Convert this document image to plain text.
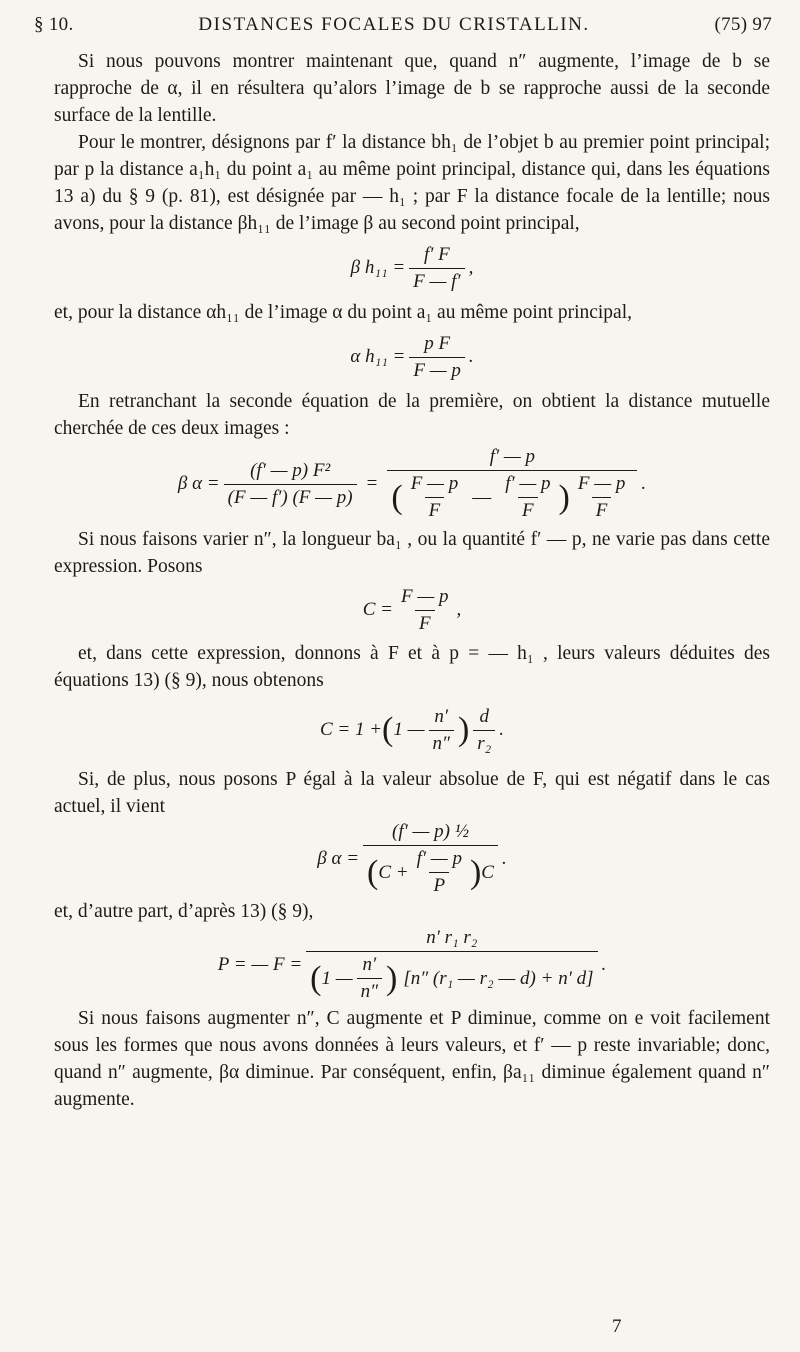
§ 10.	DISTANCES FOCALES DU CRISTALLIN.	(75) 97

Si nous pouvons montrer maintenant que, quand n″ augmente, l’image de b se rapproche de α, il en résultera qu’alors l’image de b se rapproche aussi de la seconde surface de la lentille.

Pour le montrer, désignons par f′ la distance bh₁ de l’objet b au premier point principal; par p la distance a₁h₁ du point a₁ au même point principal, distance qui, dans les équations 13 a) du § 9 (p. 81), est désignée par — h₁ ; par F la distance focale de la lentille; nous avons, pour la distance βh₁₁ de l’image β au second point principal,

β $h_{11} = \frac{f' F}{F — f'}$ ,

et, pour la distance αh₁₁ de l’image α du point a₁ au même point principal,

α $h_{11} = \frac{\text{p F}}{F — p}$ .

En retranchant la seconde équation de la première, on obtient la distance mutuelle cherchée de ces deux images :

β $\alpha = \frac{\text{(f′ — p) F²}}{(F — f') (F — p)}$ =
f′ — p
( $\frac{F — p}{F}$ — $\frac{f' — p}{F}$ ) $\frac{F — p}{F}$ .

Si nous faisons varier n″, la longueur ba₁ , ou la quantité f′ — p, ne varie pas dans cette expression. Posons

$C = \frac{F — p}{F}$ ,

et, dans cette expression, donnons à F et à p = — h₁ , leurs valeurs déduites des équations 13) (§ 9), nous obtenons

C = 1 + ( 1 — $\frac{n'}{n''}$ ) $\frac{d}{\text{r₂}}$ .

Si, de plus, nous posons P égal à la valeur absolue de F, qui est négatif dans le cas actuel, il vient

β α =
(f′ — p) ½
( $C + \frac{f' — p}{P}$ ) C
.

et, d’autre part, d’après 13) (§ 9),

P = — F =
n′ r₁ r₂
( 1 — $\frac{n'}{n''}$ ) [n″ (r₁ — r₂ — d) + n′ d]
.

Si nous faisons augmenter n″, C augmente et P diminue, comme on e voit facilement sous les formes que nous avons données à leurs valeurs, et f′ — p reste invariable; donc, quand n″ augmente, βα diminue. Par conséquent, enfin, βa₁₁ diminue également quand n″ augmente.

7
